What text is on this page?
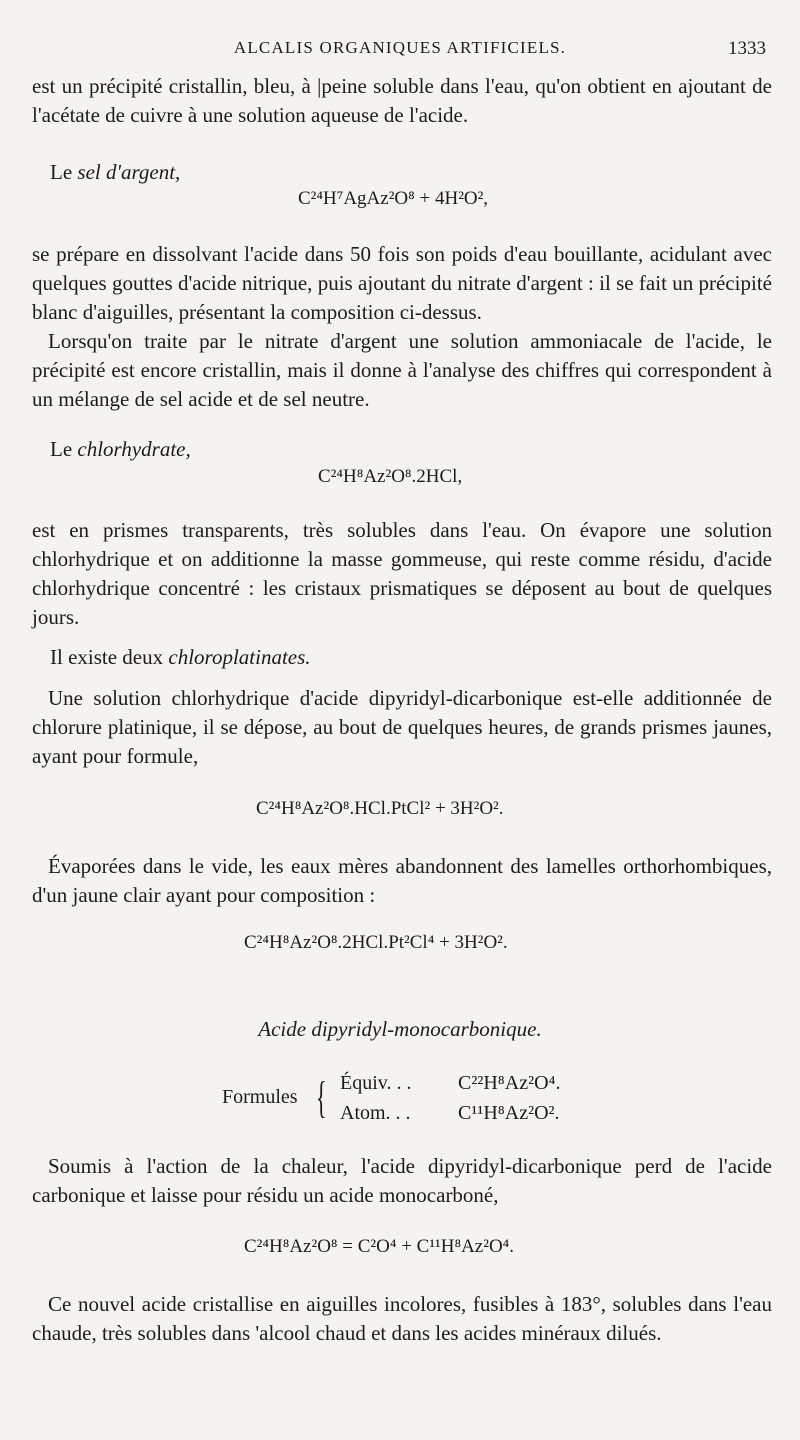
ALCALIS ORGANIQUES ARTIFICIELS.	1333

est un précipité cristallin, bleu, à |peine soluble dans l'eau, qu'on obtient en ajoutant de l'acétate de cuivre à une solution aqueuse de l'acide.

Le sel d'argent,
C²⁴H⁷AgAz²O⁸ + 4H²O²,

se prépare en dissolvant l'acide dans 50 fois son poids d'eau bouillante, acidulant avec quelques gouttes d'acide nitrique, puis ajoutant du nitrate d'argent : il se fait un précipité blanc d'aiguilles, présentant la composition ci-dessus.

Lorsqu'on traite par le nitrate d'argent une solution ammoniacale de l'acide, le précipité est encore cristallin, mais il donne à l'analyse des chiffres qui correspondent à un mélange de sel acide et de sel neutre.

Le chlorhydrate,
C²⁴H⁸Az²O⁸.2HCl,

est en prismes transparents, très solubles dans l'eau. On évapore une solution chlorhydrique et on additionne la masse gommeuse, qui reste comme résidu, d'acide chlorhydrique concentré : les cristaux prismatiques se déposent au bout de quelques jours.

Il existe deux chloroplatinates.

Une solution chlorhydrique d'acide dipyridyl-dicarbonique est-elle additionnée de chlorure platinique, il se dépose, au bout de quelques heures, de grands prismes jaunes, ayant pour formule,

C²⁴H⁸Az²O⁸.HCl.PtCl² + 3H²O².

Évaporées dans le vide, les eaux mères abandonnent des lamelles orthorhombiques, d'un jaune clair ayant pour composition :

C²⁴H⁸Az²O⁸.2HCl.Pt²Cl⁴ + 3H²O².
Acide dipyridyl-monocarbonique.
Formules { Équiv. . . C²²H⁸Az²O⁴.
Atom. . . C¹¹H⁸Az²O².

Soumis à l'action de la chaleur, l'acide dipyridyl-dicarbonique perd de l'acide carbonique et laisse pour résidu un acide monocarboné,

C²⁴H⁸Az²O⁸ = C²O⁴ + C¹¹H⁸Az²O⁴.

Ce nouvel acide cristallise en aiguilles incolores, fusibles à 183°, solubles dans l'eau chaude, très solubles dans 'alcool chaud et dans les acides minéraux dilués.
